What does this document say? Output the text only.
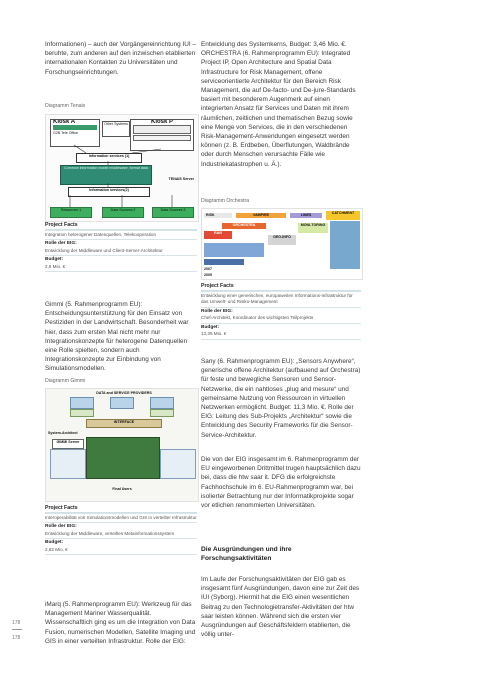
Informationen) – auch der Vorgängereinrichtung IUI – beruhte, zum anderen auf den inzwischen etablierten internationalen Kontakten zu Universitäten und Forschungseinrichtungen.

Diagramm Tenais

Kiosk A
G2B Tele Office
Other Systems	Kiosk P
Information services (1)
Common information model middleware, format data
TENAIS Server
Information services(2)
Resources 1	Data Sources 2	Data Sources 3

Project Facts

Integration heterogener Datenquellen, Telekooperation

Rolle der EIG:

Entwicklung der Middleware und Client-Server-Architektur

Budget:

2,8 Mio. €

Gimmi (5. Rahmenprogramm EU): Entscheidungsunterstützung für den Einsatz von Pestiziden in der Landwirtschaft. Besonderheit war hier, dass zum ersten Mal nicht mehr nur Integrationskonzepte für heterogene Datenquellen eine Rolle spielten, sondern auch Integrationskonzepte zur Einbindung von Simulationsmodellen.

Diagramm Gimmi

DATA and SERVICE PROVIDERS
INTERFACE
System-Architect
GIMMI Server
Final Users

Project Facts

Interoperabilität von Simulationsmodellen und GIS in verteilter Infrastruktur

Rolle der EIG:

Entwicklung der Middleware, verteiltes Metainformationssystem

Budget:

2,82 Mio. €

iMarq (5. Rahmenprogramm EU): Werkzeug für das Management Mariner Wasserqualität. Wissenschaftlich ging es um die Integration von Data Fusion, numerischen Modellen, Satellite Imaging und GIS in einer verteilten Infrastruktur. Rolle der EIG:

Entwicklung des Systemkerns, Budget: 3,46 Mio. €. ORCHESTRA (6. Rahmenprogramm EU): Integrated Project IP, Open Architecture and Spatial Data Infrastructure for Risk Management, offene serviceorientierte Architektur für den Bereich Risk Management, die auf De-facto- und De-jure-Standards basiert mit besonderem Augenmerk auf einen integrierten Ansatz für Services und Daten mit ihrem räumlichen, zeitlichen und thematischen Bezug sowie eine Menge von Services, die in den verschiedenen Risk-Management-Anwendungen eingesetzt werden können (z. B. Erdbeben, Überflutungen, Waldbrände oder durch Menschen verursachte Fälle wie Industriekatastrophen u. Ä.).

Diagramm Orchestra

RISK	VAMPIRE	LINES	CATCHMENT
ORCHESTRA
RAN
MONI-TORING
GEO-INFO
2007
2009

Project Facts

Entwicklung einer generischen, europaweiten Informations-Infrastruktur für das Umwelt- und Risiko-Management

Rolle der EIG:

Chef-Architekt, Koordinator des wichtigsten Teilprojekts

Budget:

13,35 Mio. €

Sany (6. Rahmenprogramm EU): „Sensors Anywhere“, generische offene Architektur (aufbauend auf Orchestra) für feste und bewegliche Sensoren und Sensor-Netzwerke, die ein nahtloses „plug and mesure“ und gemeinsame Nutzung von Ressourcen in virtuellen Netzwerken ermöglicht. Budget: 11,3 Mio. €. Rolle der EIG: Leitung des Sub-Projekts „Architektur“ sowie die Entwicklung des Security Frameworks für die Sensor-Service-Architektur.

Die von der EIG insgesamt im 6. Rahmenprogramm der EU eingeworbenen Drittmittel trugen hauptsächlich dazu bei, dass die htw saar it. DFG die erfolgreichste Fachhochschule im 6. EU-Rahmenprogramm war, bei isolierter Betrachtung nur der Informatikprojekte sogar vor etlichen renommierten Universitäten.

Die Ausgründungen und ihre Forschungsaktivitäten

Im Laufe der Forschungsaktivitäten der EIG gab es insgesamt fünf Ausgründungen, davon eine zur Zeit des IUI (Syborg). Hiermit hat die EIG einen wesentlichen Beitrag zu den Technologietransfer-Aktivitäten der htw saar leisten können. Während sich die ersten vier Ausgründungen auf Geschäftsfeldern etablierten, die völlig unter-

178
178
